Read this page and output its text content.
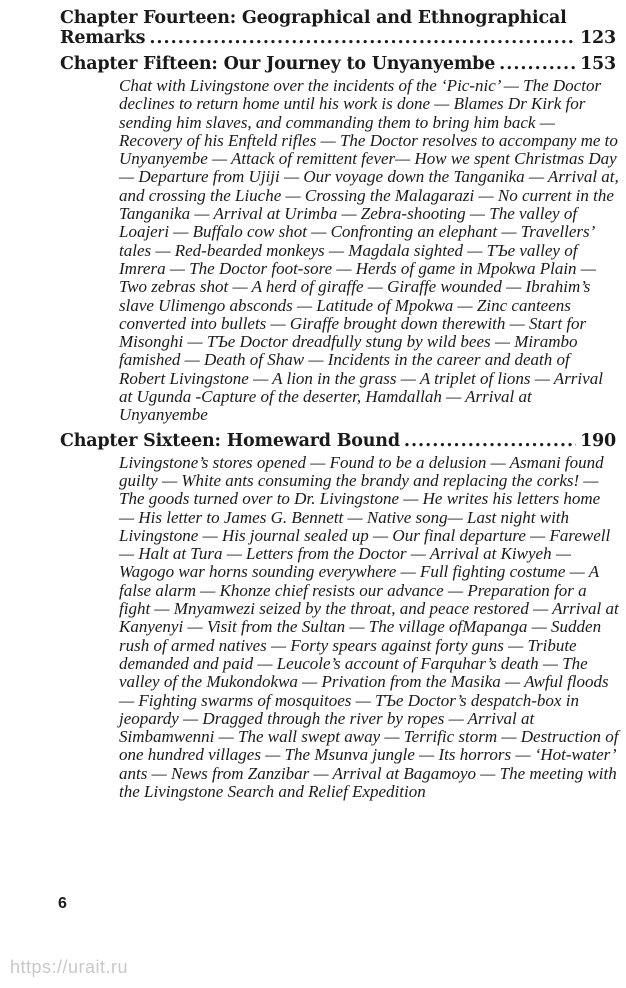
Chapter Fourteen: Geographical and Ethnographical
Remarks .....	123
Chapter Fifteen: Our Journey to Unyanyembe .....	153
Chat with Livingstone over the incidents of the ‘Pic-nic’ — The Doctor declines to return home until his work is done — Blames Dr Kirk for sending him slaves, and commanding them to bring him back — Recovery of his Enfteld rifles — The Doctor resolves to accompany me to Unyanyembe — Attack of remittent fever— How we spent Christmas Day — Departure from Ujiji — Our voyage down the Tanganika — Arrival at, and crossing the Liuche — Crossing the Malagarazi — No current in the Tanganika — Arrival at Urimba — Zebra-shooting — The valley of Loajeri — Buffalo cow shot — Confronting an elephant — Travellers’ tales — Red-bearded monkeys — Magdala sighted — TЪe valley of Imrera — The Doctor foot-sore — Herds of game in Mpokwa Plain — Two zebras shot — A herd of giraffe — Giraffe wounded — Ibrahim’s slave Ulimengo absconds — Latitude of Mpokwa — Zinc canteens converted into bullets — Giraffe brought down therewith — Start for Misonghi — TЪe Doctor dreadfully stung by wild bees — Mirambo famished — Death of Shaw — Incidents in the career and death of Robert Livingstone — A lion in the grass — A triplet of lions — Arrival at Ugunda -Capture of the deserter, Hamdallah — Arrival at Unyanyembe
Chapter Sixteen: Homeward Bound .....	190
Livingstone’s stores opened — Found to be a delusion — Asmani found guilty — White ants consuming the brandy and replacing the corks! — The goods turned over to Dr. Livingstone — He writes his letters home — His letter to James G. Bennett — Native song— Last night with Livingstone — His journal sealed up — Our final departure — Farewell — Halt at Tura — Letters from the Doctor — Arrival at Kiwyeh — Wagogo war horns sounding everywhere — Full fighting costume — A false alarm — Khonze chief resists our advance — Preparation for a fight — Mnyamwezi seized by the throat, and peace restored — Arrival at Kanyenyi — Visit from the Sultan — The village ofMapanga — Sudden rush of armed natives — Forty spears against forty guns — Tribute demanded and paid — Leucole’s account of Farquhar’s death — The valley of the Mukondokwa — Privation from the Masika — Awful floods — Fighting swarms of mosquitoes — TЪe Doctor’s despatch-box in jeopardy — Dragged through the river by ropes — Arrival at Simbamwenni — The wall swept away — Terrific storm — Destruction of one hundred villages — The Msunva jungle — Its horrors — ‘Hot-water’ ants — News from Zanzibar — Arrival at Bagamoyo — The meeting with the Livingstone Search and Relief Expedition
6
https://urait.ru
